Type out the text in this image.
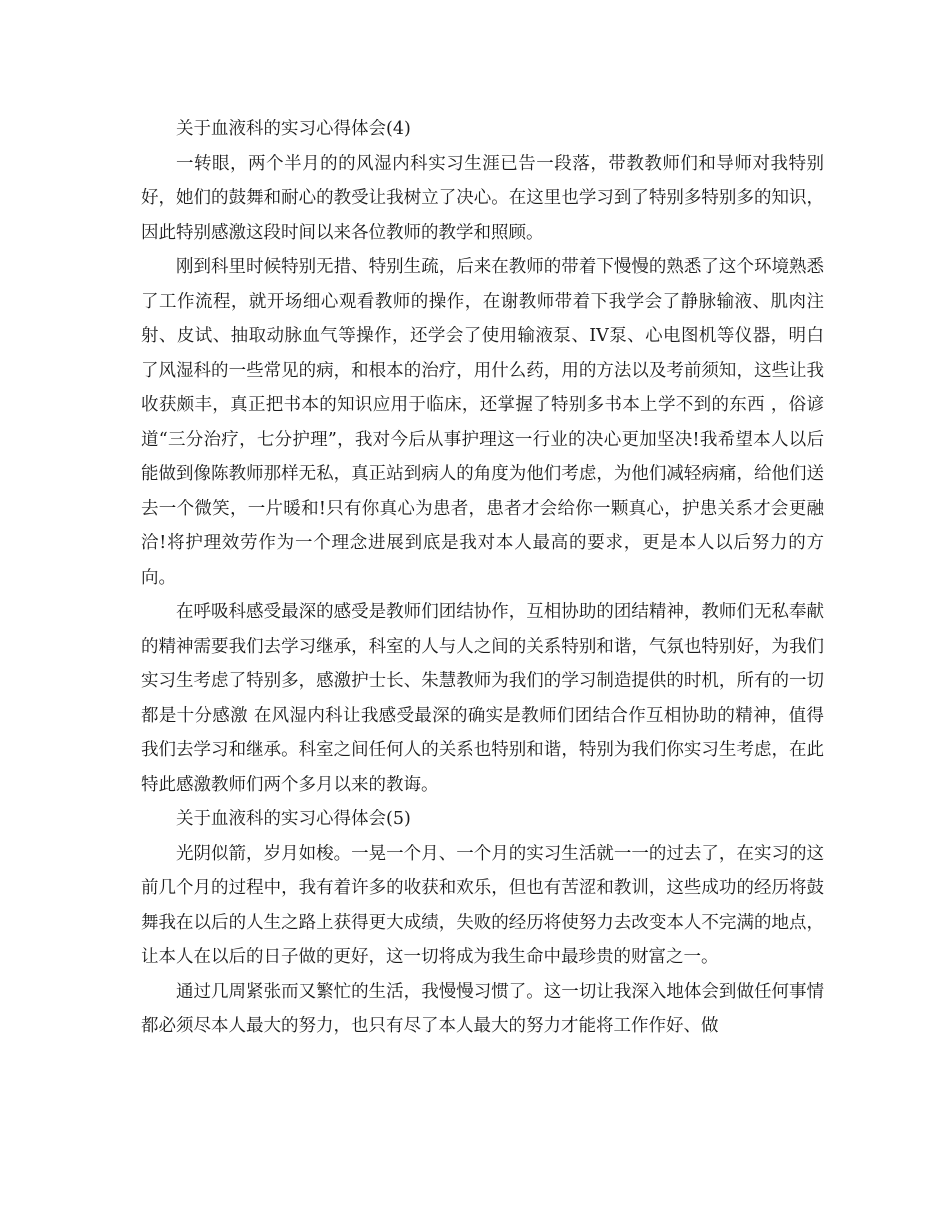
关于血液科的实习心得体会(4)

一转眼，两个半月的的风湿内科实习生涯已告一段落，带教教师们和导师对我特别好，她们的鼓舞和耐心的教受让我树立了决心。在这里也学习到了特别多特别多的知识，因此特别感激这段时间以来各位教师的教学和照顾。

刚到科里时候特别无措、特别生疏，后来在教师的带着下慢慢的熟悉了这个环境熟悉了工作流程，就开场细心观看教师的操作，在谢教师带着下我学会了静脉输液、肌肉注射、皮试、抽取动脉血气等操作，还学会了使用输液泵、IV泵、心电图机等仪器，明白了风湿科的一些常见的病，和根本的治疗，用什么药，用的方法以及考前须知，这些让我收获颇丰，真正把书本的知识应用于临床，还掌握了特别多书本上学不到的东西 ，俗谚道“三分治疗，七分护理”，我对今后从事护理这一行业的决心更加坚决!我希望本人以后能做到像陈教师那样无私，真正站到病人的角度为他们考虑，为他们减轻病痛，给他们送去一个微笑，一片暖和!只有你真心为患者，患者才会给你一颗真心，护患关系才会更融洽!将护理效劳作为一个理念进展到底是我对本人最高的要求，更是本人以后努力的方向。

在呼吸科感受最深的感受是教师们团结协作，互相协助的团结精神，教师们无私奉献的精神需要我们去学习继承，科室的人与人之间的关系特别和谐，气氛也特别好，为我们实习生考虑了特别多，感激护士长、朱慧教师为我们的学习制造提供的时机，所有的一切都是十分感激 在风湿内科让我感受最深的确实是教师们团结合作互相协助的精神，值得我们去学习和继承。科室之间任何人的关系也特别和谐，特别为我们你实习生考虑，在此特此感激教师们两个多月以来的教诲。

关于血液科的实习心得体会(5)

光阴似箭，岁月如梭。一晃一个月、一个月的实习生活就一一的过去了，在实习的这前几个月的过程中，我有着许多的收获和欢乐，但也有苦涩和教训，这些成功的经历将鼓舞我在以后的人生之路上获得更大成绩，失败的经历将使努力去改变本人不完满的地点，让本人在以后的日子做的更好，这一切将成为我生命中最珍贵的财富之一。

通过几周紧张而又繁忙的生活，我慢慢习惯了。这一切让我深入地体会到做任何事情都必须尽本人最大的努力，也只有尽了本人最大的努力才能将工作作好、做
